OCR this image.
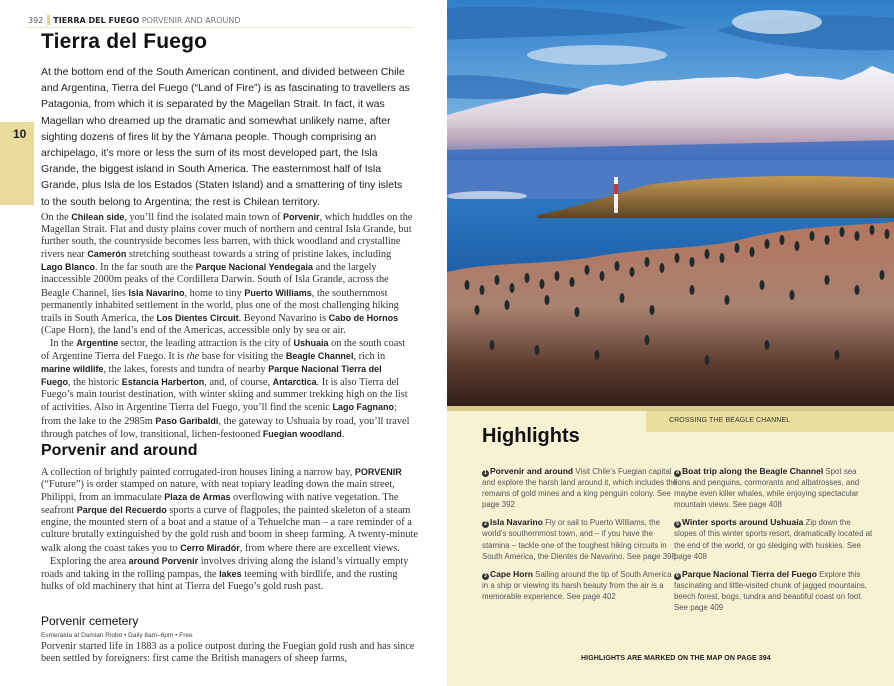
392 TIERRA DEL FUEGO PORVENIR AND AROUND
10
Tierra del Fuego

At the bottom end of the South American continent, and divided between Chile and Argentina, Tierra del Fuego (“Land of Fire”) is as fascinating to travellers as Patagonia, from which it is separated by the Magellan Strait. In fact, it was Magellan who dreamed up the dramatic and somewhat unlikely name, after sighting dozens of fires lit by the Yámana people. Though comprising an archipelago, it’s more or less the sum of its most developed part, the Isla Grande, the biggest island in South America. The easternmost half of Isla Grande, plus Isla de los Estados (Staten Island) and a smattering of tiny islets to the south belong to Argentina; the rest is Chilean territory.

On the Chilean side, you’ll find the isolated main town of Porvenir, which huddles on the Magellan Strait. Flat and dusty plains cover much of northern and central Isla Grande, but further south, the countryside becomes less barren, with thick woodland and crystalline rivers near Camerón stretching southeast towards a string of pristine lakes, including Lago Blanco. In the far south are the Parque Nacional Yendegaia and the largely inaccessible 2000m peaks of the Cordillera Darwin. South of Isla Grande, across the Beagle Channel, lies Isla Navarino, home to tiny Puerto Williams, the southernmost permanently inhabited settlement in the world, plus one of the most challenging hiking trails in South America, the Los Dientes Circuit. Beyond Navarino is Cabo de Hornos (Cape Horn), the land’s end of the Americas, accessible only by sea or air.

In the Argentine sector, the leading attraction is the city of Ushuaia on the south coast of Argentine Tierra del Fuego. It is the base for visiting the Beagle Channel, rich in marine wildlife, the lakes, forests and tundra of nearby Parque Nacional Tierra del Fuego, the historic Estancia Harberton, and, of course, Antarctica. It is also Tierra del Fuego’s main tourist destination, with winter skiing and summer trekking high on the list of activities. Also in Argentine Tierra del Fuego, you’ll find the scenic Lago Fagnano; from the lake to the 2985m Paso Garibaldi, the gateway to Ushuaia by road, you’ll travel through patches of low, transitional, lichen-festooned Fuegian woodland.

Porvenir and around

A collection of brightly painted corrugated-iron houses lining a narrow bay, PORVENIR (“Future”) is order stamped on nature, with neat topiary leading down the main street, Philippi, from an immaculate Plaza de Armas overflowing with native vegetation. The seafront Parque del Recuerdo sports a curve of flagpoles, the painted skeleton of a steam engine, the mounted stern of a boat and a statue of a Tehuelche man – a rare reminder of a culture brutally extinguished by the gold rush and boom in sheep farming. A twenty-minute walk along the coast takes you to Cerro Miradór, from where there are excellent views.

Exploring the area around Porvenir involves driving along the island’s virtually empty roads and taking in the rolling pampas, the lakes teeming with birdlife, and the rusting hulks of old machinery that hint at Tierra del Fuego’s gold rush past.

Porvenir cemetery
Esmeralda at Damian Riobo • Daily 8am–6pm • Free

Porvenir started life in 1883 as a police outpost during the Fuegian gold rush and has since been settled by foreigners: first came the British managers of sheep farms,

CROSSING THE BEAGLE CHANNEL
Highlights

1 Porvenir and around Visit Chile’s Fuegian capital and explore the harsh land around it, which includes the remains of gold mines and a king penguin colony. See page 392

2 Isla Navarino Fly or sail to Puerto Williams, the world’s southernmost town, and – if you have the stamina – tackle one of the toughest hiking circuits in South America, the Dientes de Navarino. See page 398

3 Cape Horn Sailing around the tip of South America in a ship or viewing its harsh beauty from the air is a memorable experience. See page 402

4 Boat trip along the Beagle Channel Spot sea lions and penguins, cormorants and albatrosses, and maybe even killer whales, while enjoying spectacular mountain views. See page 408

5 Winter sports around Ushuaia Zip down the slopes of this winter sports resort, dramatically located at the end of the world, or go sledging with huskies. See page 408

6 Parque Nacional Tierra del Fuego Explore this fascinating and little-visited chunk of jagged mountains, beech forest, bogs, tundra and beautiful coast on foot. See page 409

HIGHLIGHTS ARE MARKED ON THE MAP ON PAGE 394
